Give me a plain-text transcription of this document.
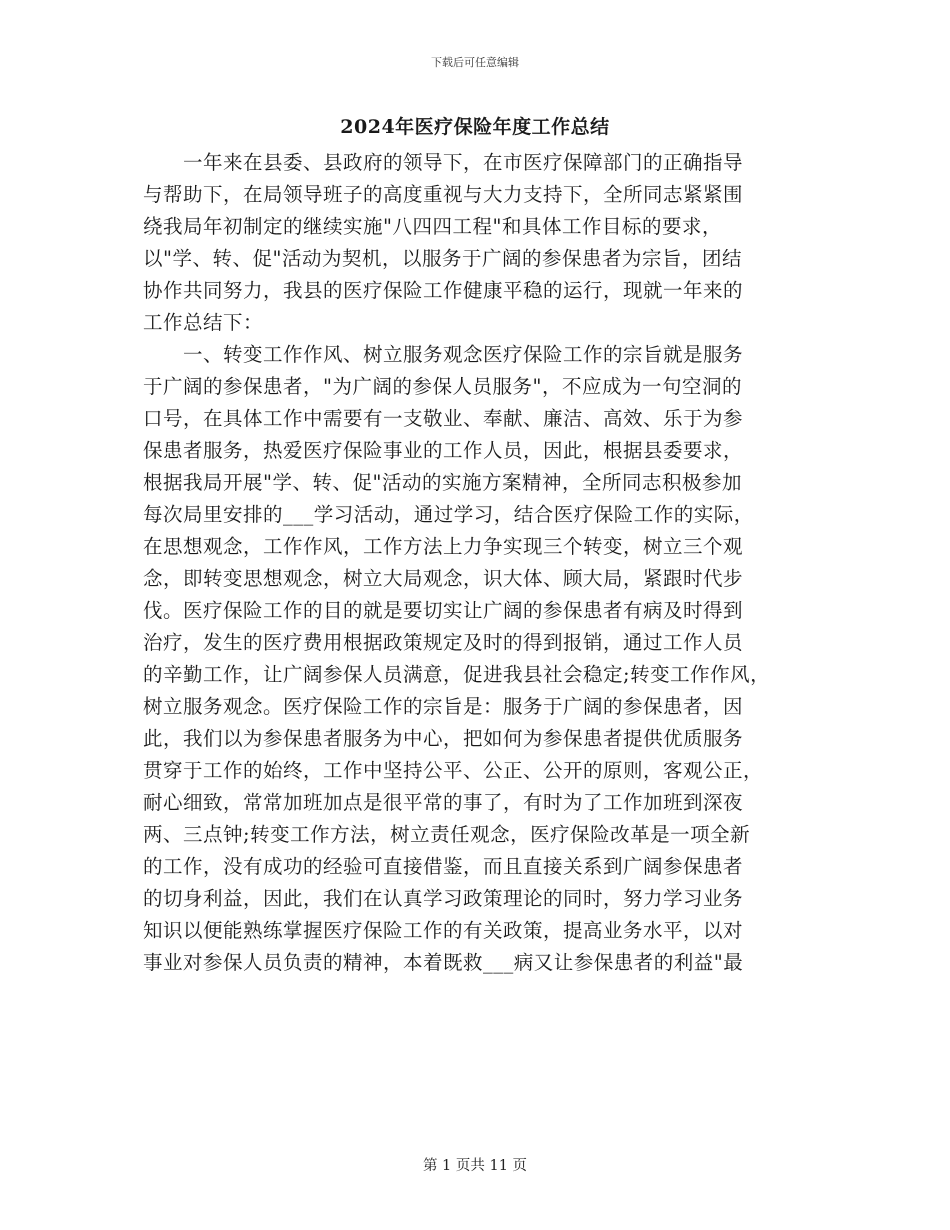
下载后可任意编辑
2024年医疗保险年度工作总结
　　一年来在县委、县政府的领导下，在市医疗保障部门的正确指导
与帮助下，在局领导班子的高度重视与大力支持下，全所同志紧紧围
绕我局年初制定的继续实施"八四四工程"和具体工作目标的要求，
以"学、转、促"活动为契机，以服务于广阔的参保患者为宗旨，团结
协作共同努力，我县的医疗保险工作健康平稳的运行，现就一年来的
工作总结下：
　　一、转变工作作风、树立服务观念医疗保险工作的宗旨就是服务
于广阔的参保患者，"为广阔的参保人员服务"，不应成为一句空洞的
口号，在具体工作中需要有一支敬业、奉献、廉洁、高效、乐于为参
保患者服务，热爱医疗保险事业的工作人员，因此，根据县委要求，
根据我局开展"学、转、促"活动的实施方案精神，全所同志积极参加
每次局里安排的___学习活动，通过学习，结合医疗保险工作的实际，
在思想观念，工作作风，工作方法上力争实现三个转变，树立三个观
念，即转变思想观念，树立大局观念，识大体、顾大局，紧跟时代步
伐。医疗保险工作的目的就是要切实让广阔的参保患者有病及时得到
治疗，发生的医疗费用根据政策规定及时的得到报销，通过工作人员
的辛勤工作，让广阔参保人员满意，促进我县社会稳定;转变工作作风，
树立服务观念。医疗保险工作的宗旨是：服务于广阔的参保患者，因
此，我们以为参保患者服务为中心，把如何为参保患者提供优质服务
贯穿于工作的始终，工作中坚持公平、公正、公开的原则，客观公正，
耐心细致，常常加班加点是很平常的事了，有时为了工作加班到深夜
两、三点钟;转变工作方法，树立责任观念，医疗保险改革是一项全新
的工作，没有成功的经验可直接借鉴，而且直接关系到广阔参保患者
的切身利益，因此，我们在认真学习政策理论的同时，努力学习业务
知识以便能熟练掌握医疗保险工作的有关政策，提高业务水平，以对
事业对参保人员负责的精神，本着既救___病又让参保患者的利益"最
第 1 页共 11 页
